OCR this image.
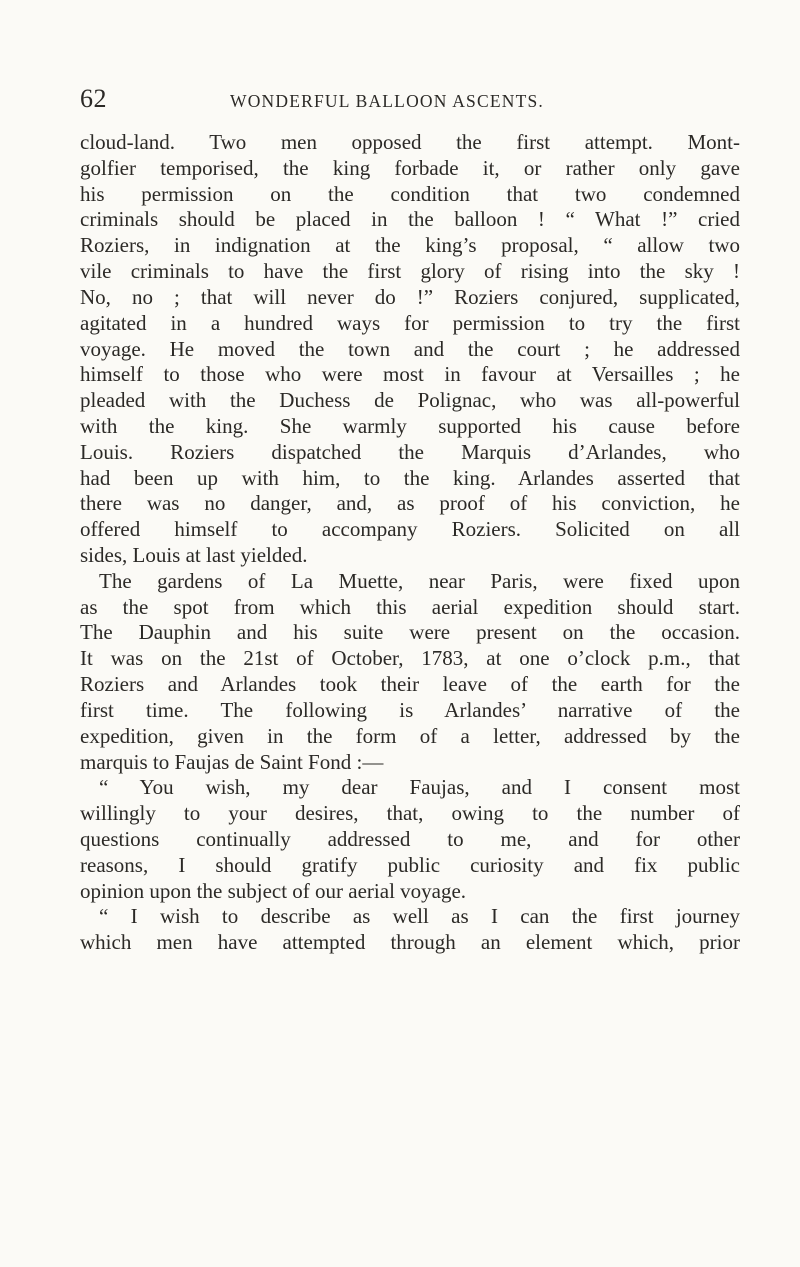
62	WONDERFUL BALLOON ASCENTS.
cloud-land. Two men opposed the first attempt. Mont-
golfier temporised, the king forbade it, or rather only gave
his permission on the condition that two condemned
criminals should be placed in the balloon ! “ What !” cried
Roziers, in indignation at the king’s proposal, “ allow two
vile criminals to have the first glory of rising into the sky !
No, no ; that will never do !” Roziers conjured, supplicated,
agitated in a hundred ways for permission to try the first
voyage. He moved the town and the court ; he addressed
himself to those who were most in favour at Versailles ; he
pleaded with the Duchess de Polignac, who was all-powerful
with the king. She warmly supported his cause before
Louis. Roziers dispatched the Marquis d’Arlandes, who
had been up with him, to the king. Arlandes asserted that
there was no danger, and, as proof of his conviction, he
offered himself to accompany Roziers. Solicited on all
sides, Louis at last yielded.
The gardens of La Muette, near Paris, were fixed upon
as the spot from which this aerial expedition should start.
The Dauphin and his suite were present on the occasion.
It was on the 21st of October, 1783, at one o’clock p.m., that
Roziers and Arlandes took their leave of the earth for the
first time. The following is Arlandes’ narrative of the
expedition, given in the form of a letter, addressed by the
marquis to Faujas de Saint Fond :—
“ You wish, my dear Faujas, and I consent most
willingly to your desires, that, owing to the number of
questions continually addressed to me, and for other
reasons, I should gratify public curiosity and fix public
opinion upon the subject of our aerial voyage.
“ I wish to describe as well as I can the first journey
which men have attempted through an element which, prior
